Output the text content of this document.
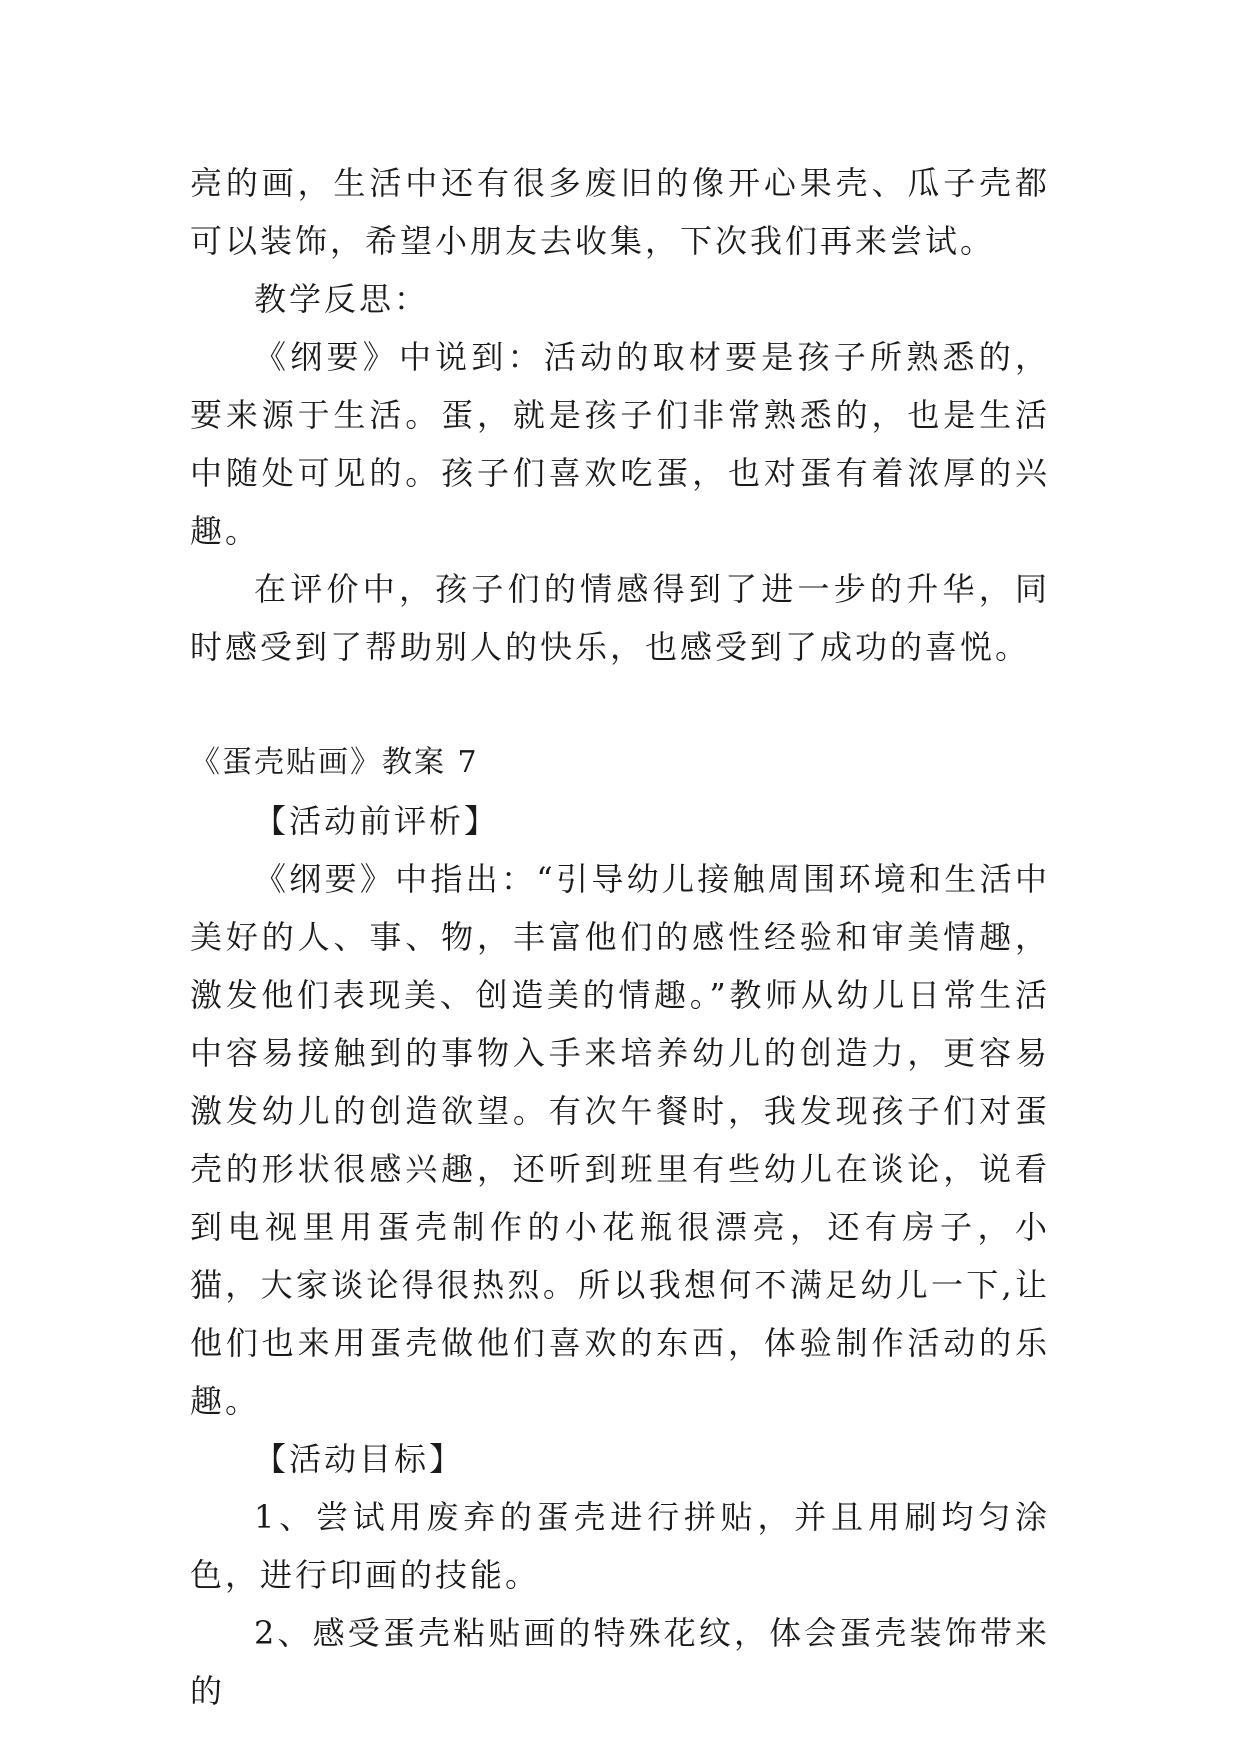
亮的画，生活中还有很多废旧的像开心果壳、瓜子壳都可以装饰，希望小朋友去收集，下次我们再来尝试。

教学反思：

《纲要》中说到：活动的取材要是孩子所熟悉的，要来源于生活。蛋，就是孩子们非常熟悉的，也是生活中随处可见的。孩子们喜欢吃蛋，也对蛋有着浓厚的兴趣。

在评价中，孩子们的情感得到了进一步的升华，同时感受到了帮助别人的快乐，也感受到了成功的喜悦。

《蛋壳贴画》教案 7

【活动前评析】

《纲要》中指出：“引导幼儿接触周围环境和生活中美好的人、事、物，丰富他们的感性经验和审美情趣，激发他们表现美、创造美的情趣。”教师从幼儿日常生活中容易接触到的事物入手来培养幼儿的创造力，更容易激发幼儿的创造欲望。有次午餐时，我发现孩子们对蛋壳的形状很感兴趣，还听到班里有些幼儿在谈论，说看到电视里用蛋壳制作的小花瓶很漂亮，还有房子，小猫，大家谈论得很热烈。所以我想何不满足幼儿一下,让他们也来用蛋壳做他们喜欢的东西，体验制作活动的乐趣。

【活动目标】

1、尝试用废弃的蛋壳进行拼贴，并且用刷均匀涂色，进行印画的技能。

2、感受蛋壳粘贴画的特殊花纹，体会蛋壳装饰带来的
